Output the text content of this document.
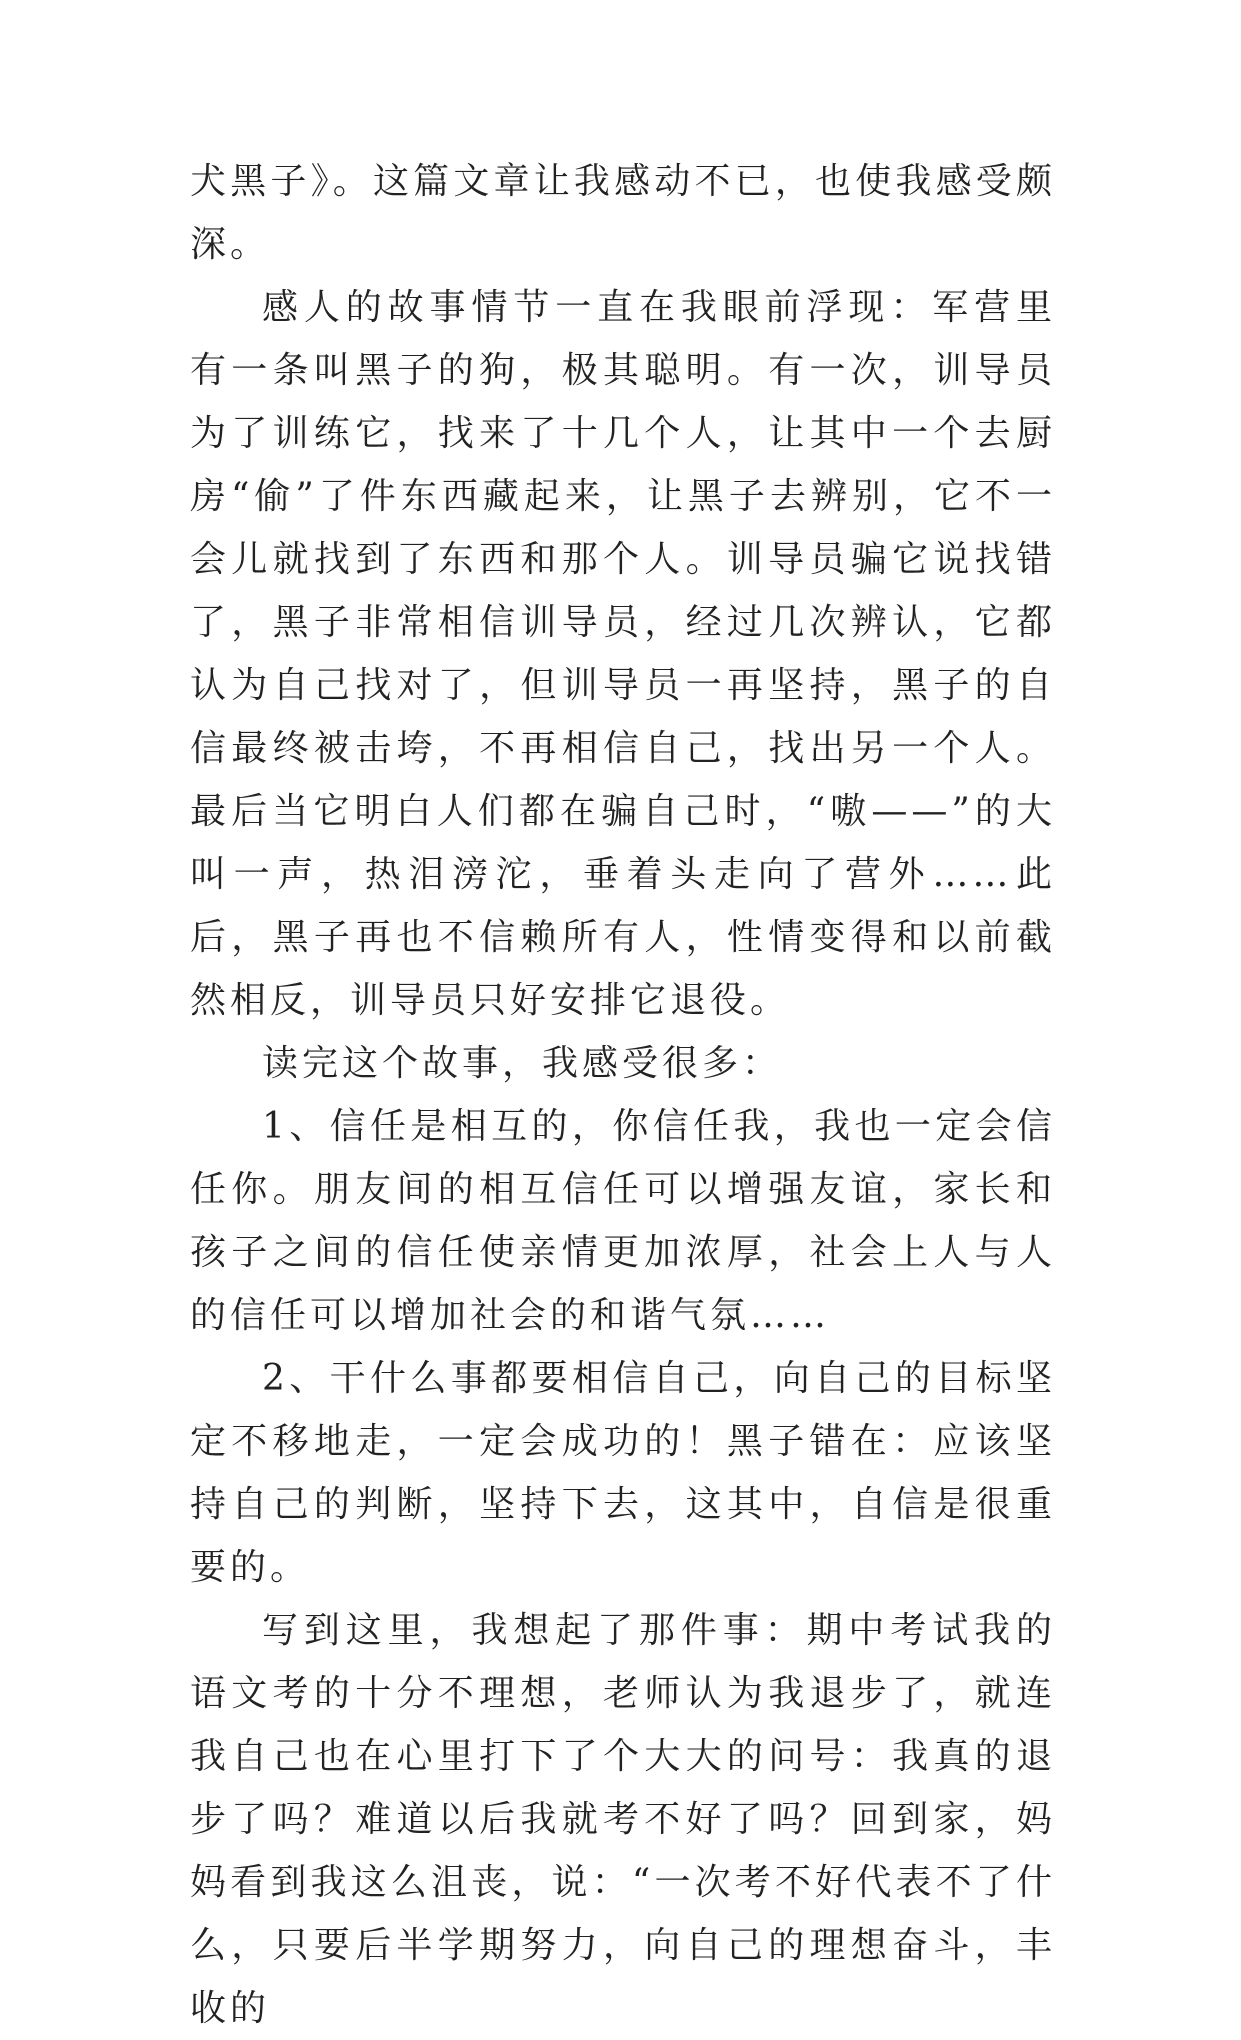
犬黑子》。这篇文章让我感动不已，也使我感受颇深。

感人的故事情节一直在我眼前浮现：军营里有一条叫黑子的狗，极其聪明。有一次，训导员为了训练它，找来了十几个人，让其中一个去厨房“偷”了件东西藏起来，让黑子去辨别，它不一会儿就找到了东西和那个人。训导员骗它说找错了，黑子非常相信训导员，经过几次辨认，它都认为自己找对了，但训导员一再坚持，黑子的自信最终被击垮，不再相信自己，找出另一个人。最后当它明白人们都在骗自己时，“嗷——”的大叫一声，热泪滂沱，垂着头走向了营外……此后，黑子再也不信赖所有人，性情变得和以前截然相反，训导员只好安排它退役。

读完这个故事，我感受很多：

1、信任是相互的，你信任我，我也一定会信任你。朋友间的相互信任可以增强友谊，家长和孩子之间的信任使亲情更加浓厚，社会上人与人的信任可以增加社会的和谐气氛……

2、干什么事都要相信自己，向自己的目标坚定不移地走，一定会成功的！黑子错在：应该坚持自己的判断，坚持下去，这其中，自信是很重要的。

写到这里，我想起了那件事：期中考试我的语文考的十分不理想，老师认为我退步了，就连我自己也在心里打下了个大大的问号：我真的退步了吗？难道以后我就考不好了吗？回到家，妈妈看到我这么沮丧，说：“一次考不好代表不了什么，只要后半学期努力，向自己的理想奋斗，丰收的
